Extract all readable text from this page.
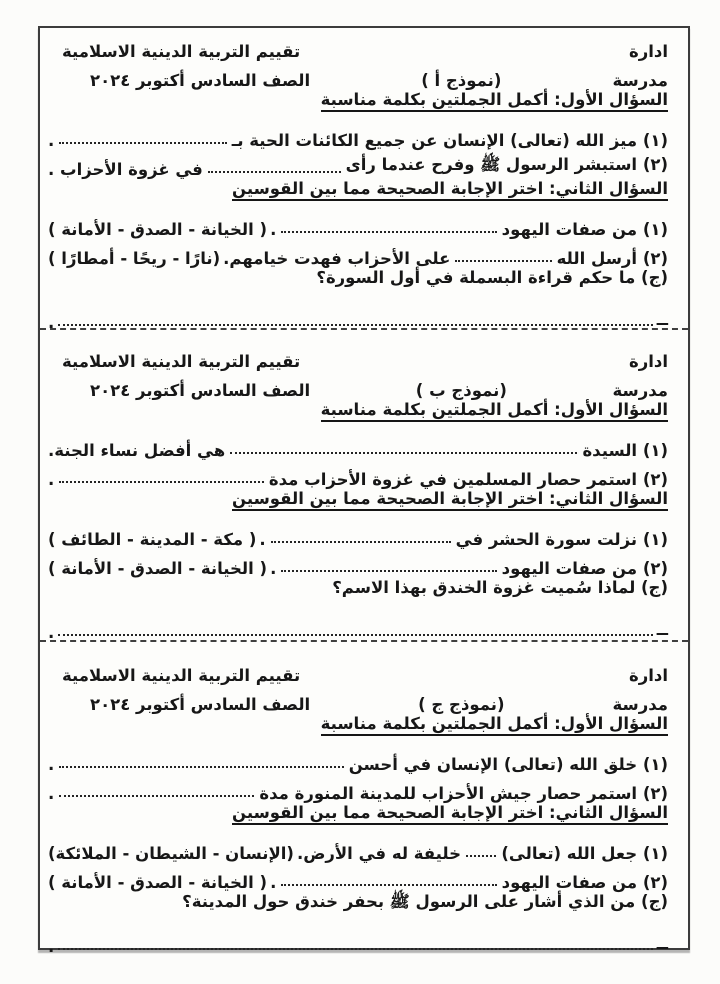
ادارة
تقييم التربية الدينية الاسلامية
مدرسة
(نموذج أ )
الصف السادس أكتوبر ٢٠٢٤
السؤال الأول: أكمل الجملتين بكلمة مناسبة
(١) ميز الله (تعالى) الإنسان عن جميع الكائنات الحية بـ
.
(٢) استبشر الرسول ﷺ وفرح عندما رأى
في غزوة الأحزاب .
السؤال الثاني: اختر الإجابة الصحيحة مما بين القوسين
(١) من صفات اليهود
.
( الخيانة - الصدق - الأمانة )
(٢) أرسل الله
على الأحزاب فهدت خيامهم.
(نارًا - ريحًا - أمطارًا )
(ج) ما حكم قراءة البسملة في أول السورة؟
ــ
.
ادارة
تقييم التربية الدينية الاسلامية
مدرسة
(نموذج ب )
الصف السادس أكتوبر ٢٠٢٤
السؤال الأول: أكمل الجملتين بكلمة مناسبة
(١) السيدة
هي أفضل نساء الجنة.
(٢) استمر حصار المسلمين في غزوة الأحزاب مدة
.
السؤال الثاني: اختر الإجابة الصحيحة مما بين القوسين
(١) نزلت سورة الحشر في
.
( مكة - المدينة - الطائف )
(٢) من صفات اليهود
.
( الخيانة - الصدق - الأمانة )
(ج) لماذا سُميت غزوة الخندق بهذا الاسم؟
ــ
.
ادارة
تقييم التربية الدينية الاسلامية
مدرسة
(نموذج ج )
الصف السادس أكتوبر ٢٠٢٤
السؤال الأول: أكمل الجملتين بكلمة مناسبة
(١) خلق الله (تعالى) الإنسان في أحسن
.
(٢) استمر حصار جيش الأحزاب للمدينة المنورة مدة
.
السؤال الثاني: اختر الإجابة الصحيحة مما بين القوسين
(١) جعل الله (تعالى)
خليفة له في الأرض.
(الإنسان - الشيطان - الملائكة)
(٢) من صفات اليهود
.
( الخيانة - الصدق - الأمانة )
(ج) من الذي أشار على الرسول ﷺ بحفر خندق حول المدينة؟
ــ
.
